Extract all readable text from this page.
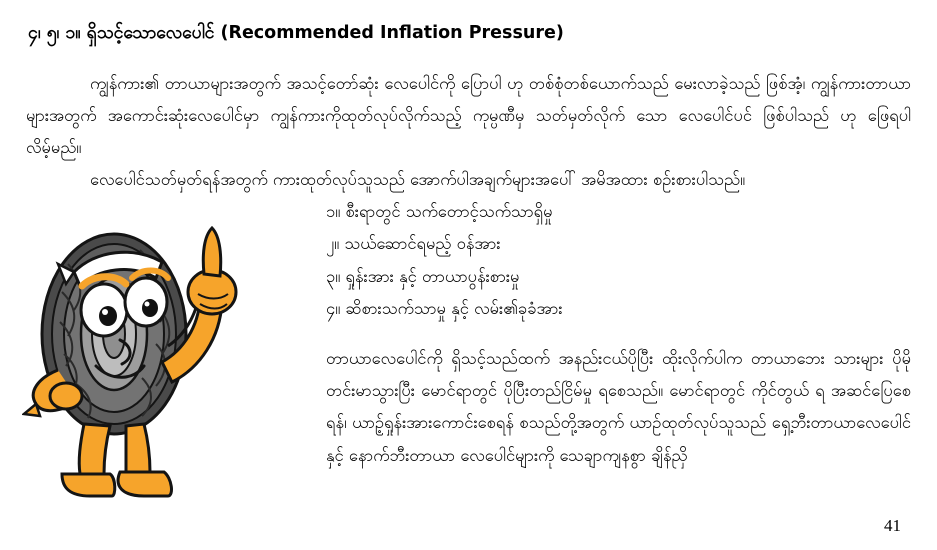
၄၊ ၅၊ ၁။ ရှိသင့်သောလေပေါင် (Recommended Inflation Pressure)
ကျွန်ကား၏ တာယာများအတွက် အသင့်တော်ဆုံး လေပေါင်ကို ပြောပါ ဟု တစ်စုံတစ်ယောက်သည် မေးလာခဲ့သည် ဖြစ်အံ့၊ ကျွန်ကားတာယာများအတွက် အကောင်းဆုံးလေပေါင်မှာ ကျွန်ကားကိုထုတ်လုပ်လိုက်သည့် ကုမ္ပဏီမှ သတ်မှတ်လိုက် သော လေပေါင်ပင် ဖြစ်ပါသည် ဟု ဖြေရပါလိမ့်မည်။
လေပေါင်သတ်မှတ်ရန်အတွက် ကားထုတ်လုပ်သူသည် အောက်ပါအချက်များအပေါ် အမိအထား စဉ်းစားပါသည်။
၁။ စီးရာတွင် သက်တောင့်သက်သာရှိမှု
၂။ သယ်ဆောင်ရမည့် ဝန်အား
၃။ ရှုန်းအား နှင့် တာယာပွန်းစားမှု
၄။ ဆိစားသက်သာမှု နှင့် လမ်း၏ခုခံအား
တာယာလေပေါင်ကို ရှိသင့်သည်ထက် အနည်းငယ်ပိုပြီး ထိုးလိုက်ပါက တာယာဘေး သားများ ပိုမိုတင်းမာသွားပြီး မောင်ရာတွင် ပိုပြီးတည်ငြိမ်မှု ရစေသည်။ မောင်ရာတွင် ကိုင်တွယ် ရ အဆင်ပြေစေရန်၊ ယာဉ့်ရှုန်းအားကောင်းစေရန် စသည်တို့အတွက် ယာဉ်ထုတ်လုပ်သူသည် ရှေ့ဘီးတာယာလေပေါင် နှင့် နောက်ဘီးတာယာ လေပေါင်များကို သေချာကျနစွာ ချိန်ညှိ
41
